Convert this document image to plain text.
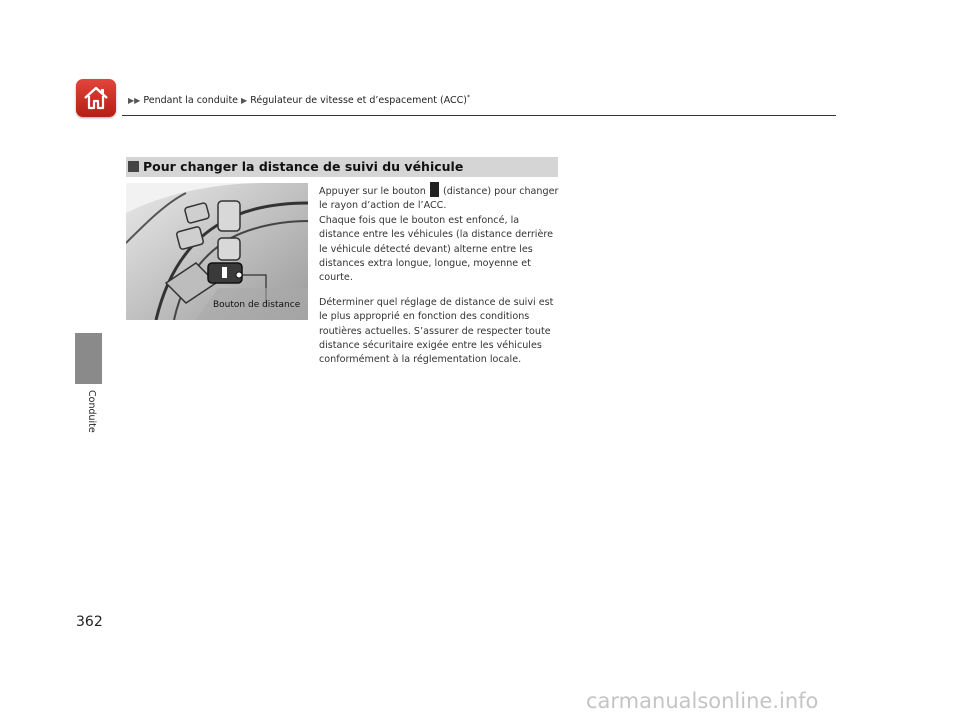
▶▶ Pendant la conduite ▶ Régulateur de vitesse et d’espacement (ACC)*
Conduite
Pour changer la distance de suivi du véhicule
Bouton de distance

Appuyer sur le bouton (distance) pour changer le rayon d’action de l’ACC.
Chaque fois que le bouton est enfoncé, la distance entre les véhicules (la distance derrière le véhicule détecté devant) alterne entre les distances extra longue, longue, moyenne et courte.

Déterminer quel réglage de distance de suivi est le plus approprié en fonction des conditions routières actuelles. S’assurer de respecter toute distance sécuritaire exigée entre les véhicules conformément à la réglementation locale.

362
carmanualsonline.info
